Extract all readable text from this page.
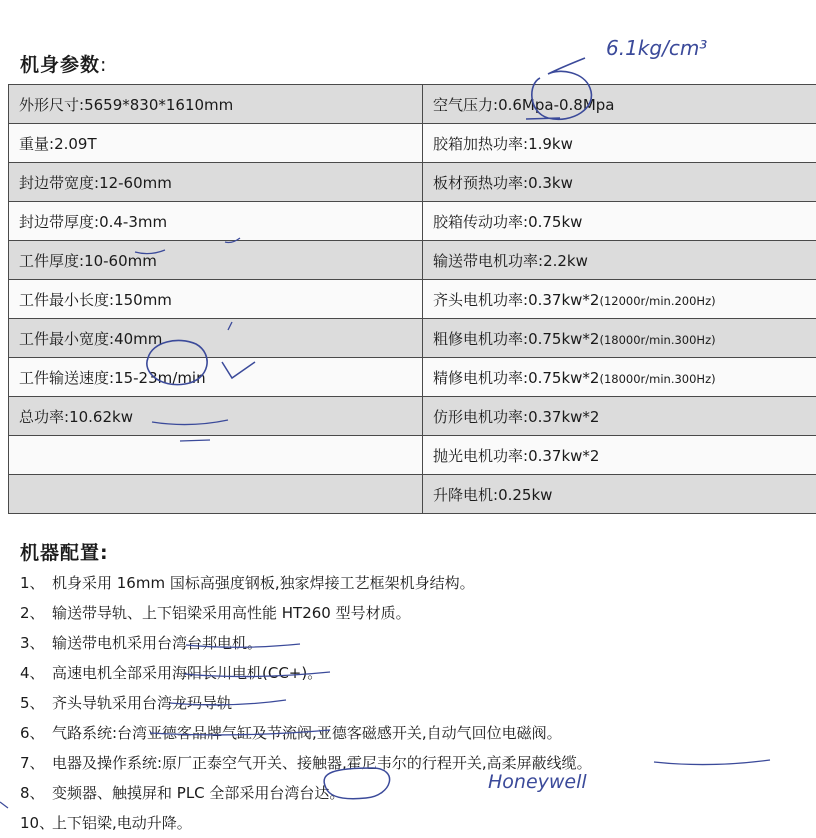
机身参数:
外形尺寸:5659*830*1610mm	空气压力:0.6Mpa-0.8Mpa
重量:2.09T	胶箱加热功率:1.9kw
封边带宽度:12-60mm	板材预热功率:0.3kw
封边带厚度:0.4-3mm	胶箱传动功率:0.75kw
工件厚度:10-60mm	输送带电机功率:2.2kw
工件最小长度:150mm	齐头电机功率:0.37kw*2(12000r/min.200Hz)
工件最小宽度:40mm	粗修电机功率:0.75kw*2(18000r/min.300Hz)
工件输送速度:15-23m/min	精修电机功率:0.75kw*2(18000r/min.300Hz)
总功率:10.62kw	仿形电机功率:0.37kw*2
	抛光电机功率:0.37kw*2
	升降电机:0.25kw
机器配置:
1、 机身采用 16mm 国标高强度钢板,独家焊接工艺框架机身结构。
2、 输送带导轨、上下铝梁采用高性能 HT260 型号材质。
3、 输送带电机采用台湾台邦电机。
4、 高速电机全部采用海阳长川电机(CC+)。
5、 齐头导轨采用台湾龙玛导轨
6、 气路系统:台湾亚德客品牌气缸及节流阀,亚德客磁感开关,自动气回位电磁阀。
7、 电器及操作系统:原厂正泰空气开关、接触器,霍尼韦尔的行程开关,高柔屏蔽线缆。
8、 变频器、触摸屏和 PLC 全部采用台湾台达。
10、上下铝梁,电动升降。
6.1kg/cm³
Honeywell
